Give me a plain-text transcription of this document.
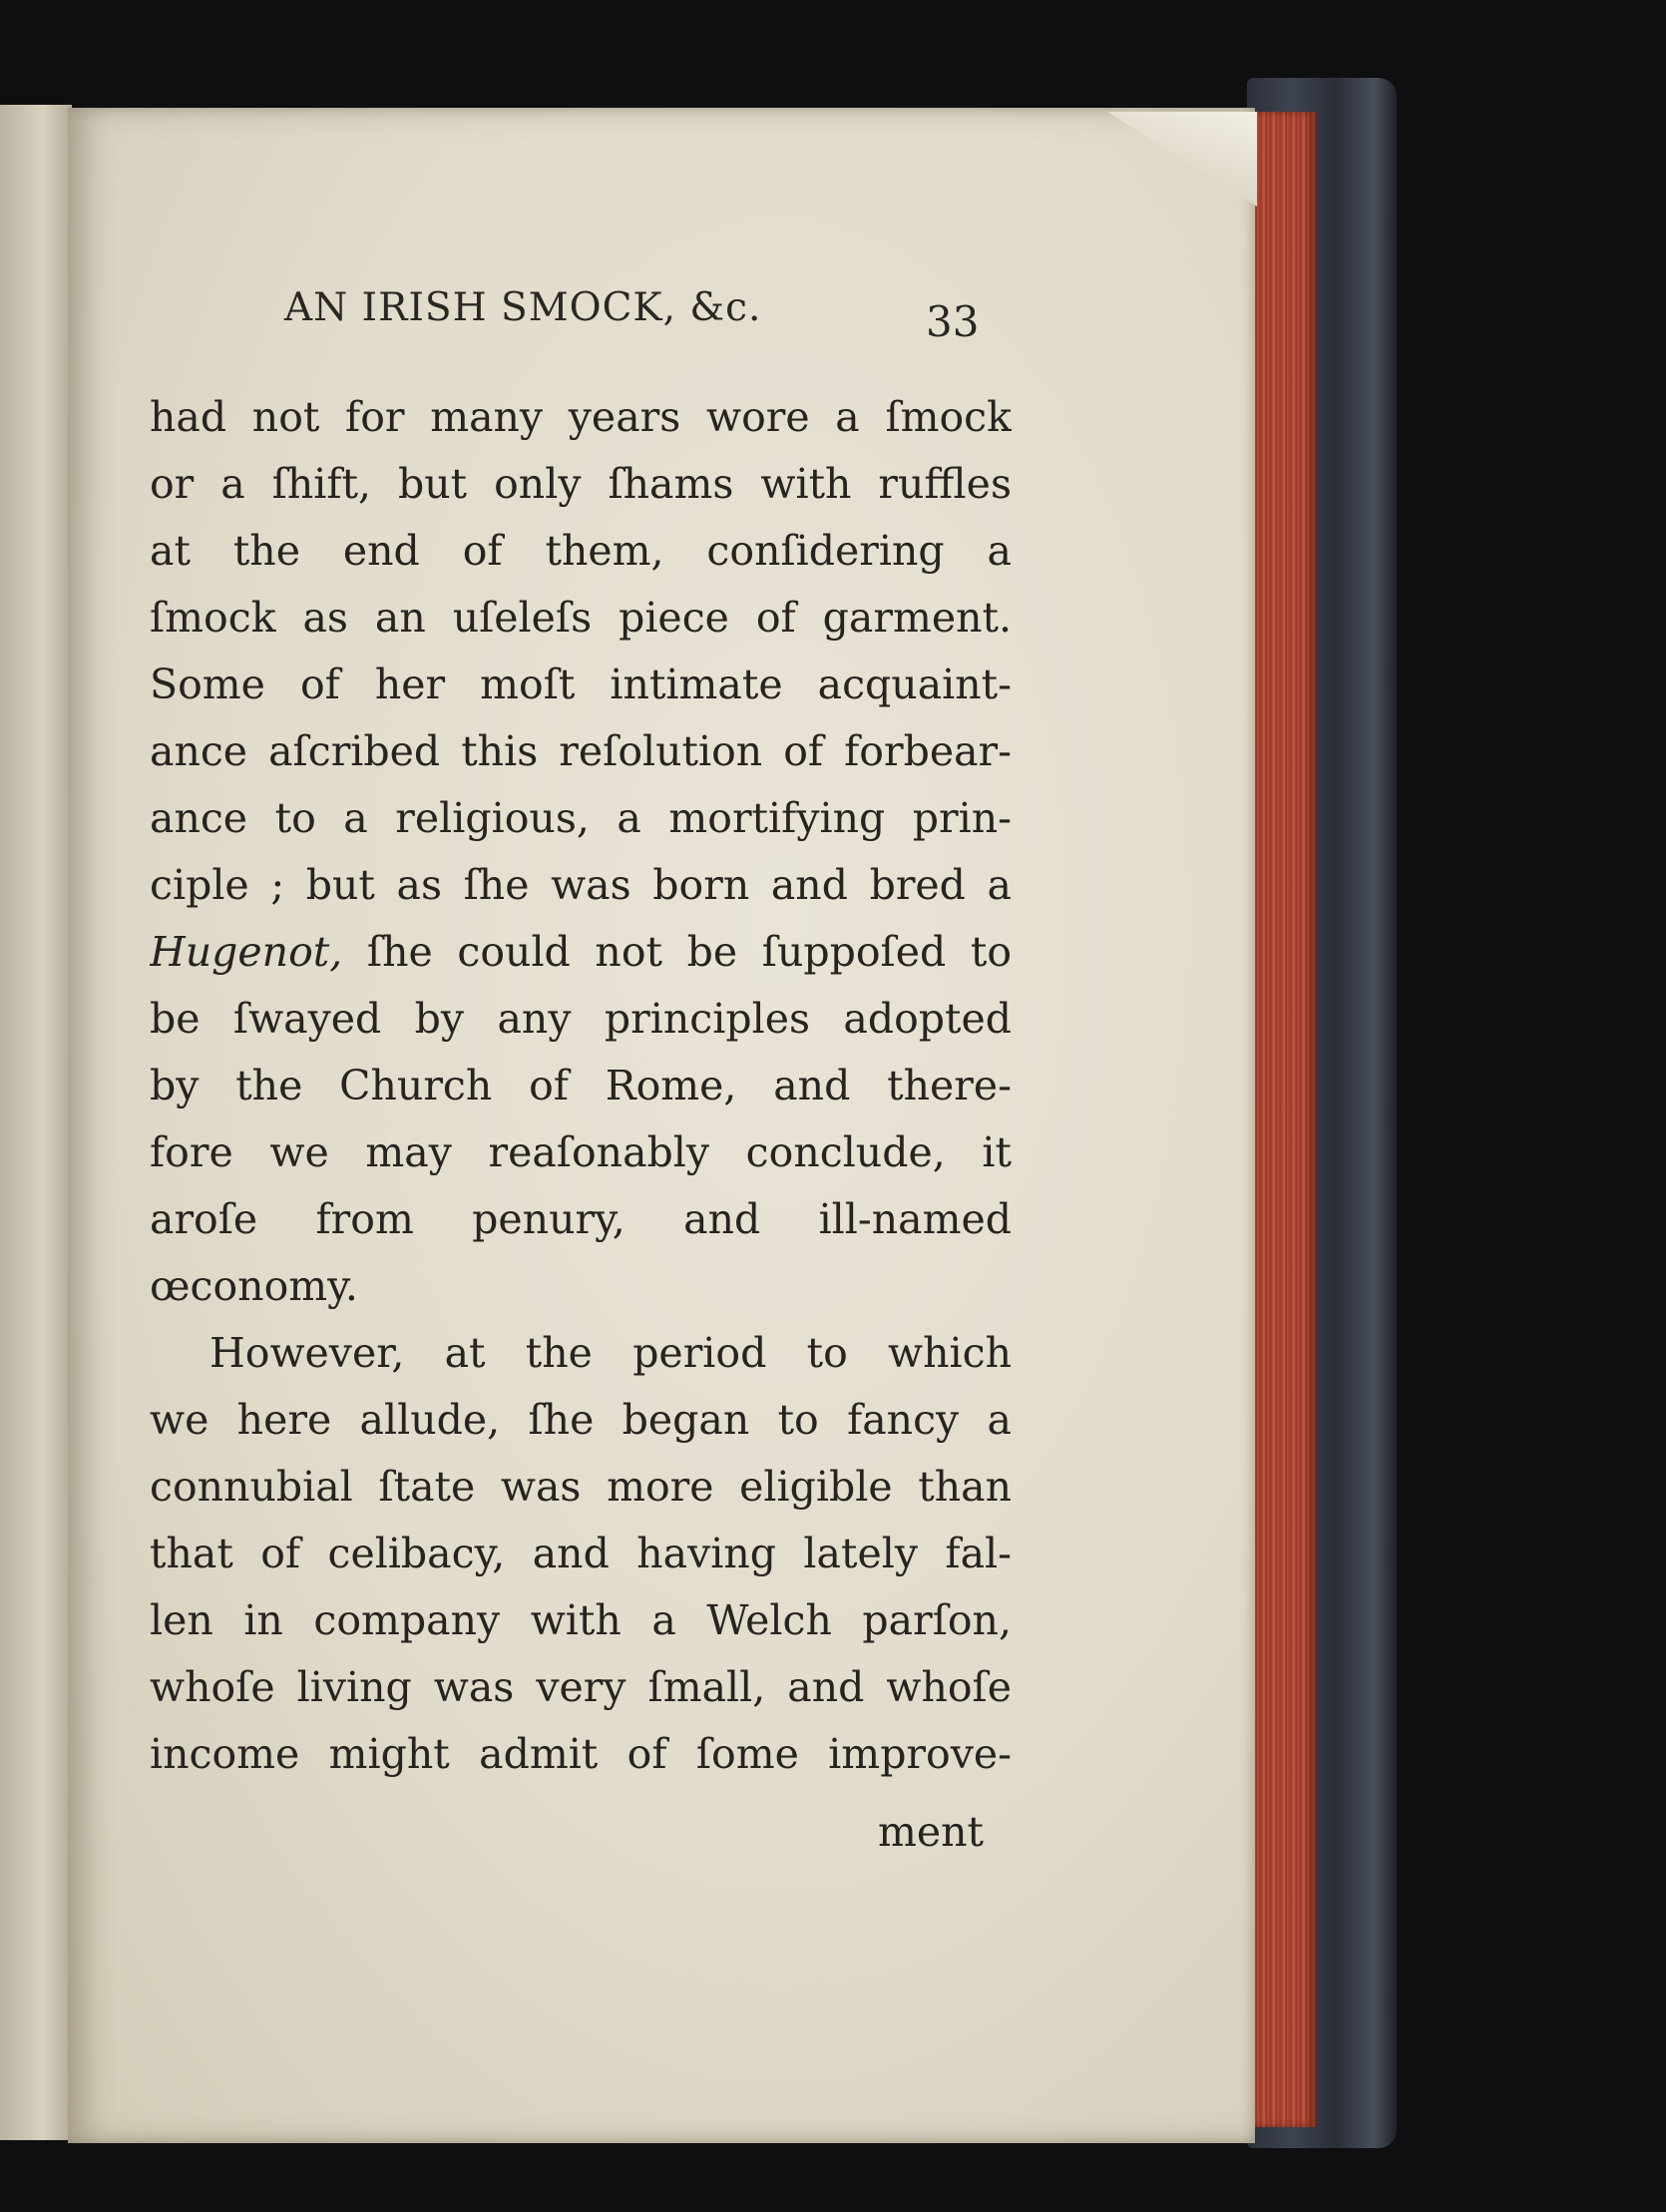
AN IRISH SMOCK, &c.	33
had not for many years wore a ſmock
or a ſhift, but only ſhams with ruffles
at the end of them, conſidering a
ſmock as an uſeleſs piece of garment.
Some of her moſt intimate acquaint-
ance aſcribed this reſolution of forbear-
ance to a religious, a mortifying prin-
ciple ; but as ſhe was born and bred a
Hugenot, ſhe could not be ſuppoſed to
be ſwayed by any principles adopted
by the Church of Rome, and there-
fore we may reaſonably conclude, it
aroſe from penury, and ill-named
œconomy.
However, at the period to which
we here allude, ſhe began to fancy a
connubial ſtate was more eligible than
that of celibacy, and having lately fal-
len in company with a Welch parſon,
whoſe living was very ſmall, and whoſe
income might admit of ſome improve-
ment
